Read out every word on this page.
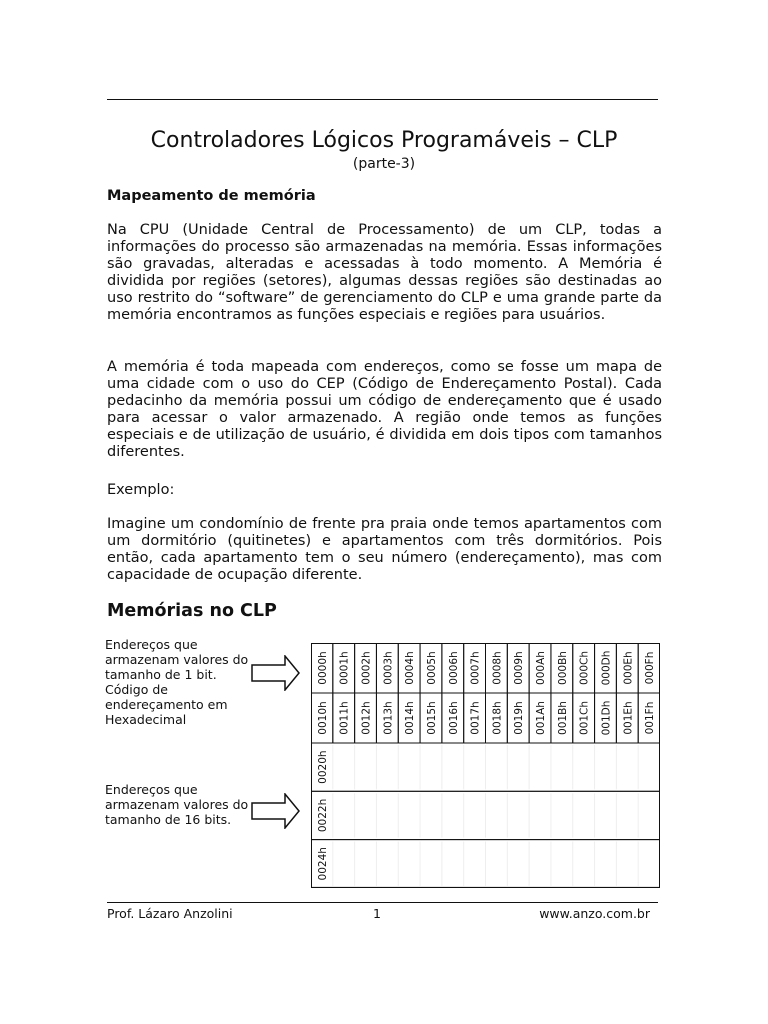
Controladores Lógicos Programáveis – CLP
(parte-3)
Mapeamento de memória
Na CPU (Unidade Central de Processamento) de um CLP, todas a informações do processo são armazenadas na memória. Essas informações são gravadas, alteradas e acessadas à todo momento. A Memória é dividida por regiões (setores), algumas dessas regiões são destinadas ao uso restrito do “software” de gerenciamento do CLP e uma grande parte da memória encontramos as funções especiais e regiões para usuários.
A memória é toda mapeada com endereços, como se fosse um mapa de uma cidade com o uso do CEP (Código de Endereçamento Postal). Cada pedacinho da memória possui um código de endereçamento que é usado para acessar o valor armazenado. A região onde temos as funções especiais e de utilização de usuário, é dividida em dois tipos com tamanhos diferentes.
Exemplo:
Imagine um condomínio de frente pra praia onde temos apartamentos com um dormitório (quitinetes) e apartamentos com três dormitórios. Pois então, cada apartamento tem o seu número (endereçamento), mas com capacidade de ocupação diferente.
Memórias no CLP
Endereços que armazenam valores do tamanho de 1 bit. Código de endereçamento em Hexadecimal
Endereços que armazenam valores do tamanho de 16 bits.
0000h 0001h 0002h 0003h 0004h 0005h 0006h 0007h 0008h 0009h 000Ah 000Bh 000Ch 000Dh 000Eh 000Fh
0010h 0011h 0012h 0013h 0014h 0015h 0016h 0017h 0018h 0019h 001Ah 001Bh 001Ch 001Dh 001Eh 001Fh
0020h
0022h
0024h
Prof. Lázaro Anzolini	1	www.anzo.com.br
